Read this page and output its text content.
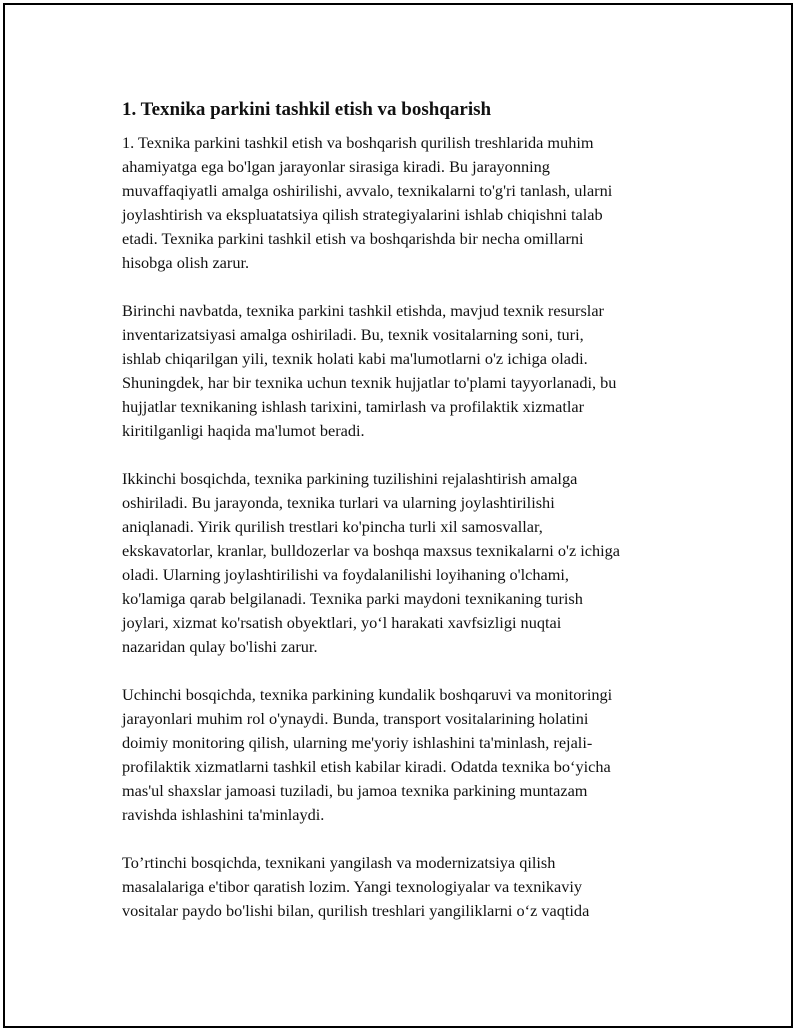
1. Texnika parkini tashkil etish va boshqarish

1. Texnika parkini tashkil etish va boshqarish qurilish treshlarida muhim
ahamiyatga ega bo'lgan jarayonlar sirasiga kiradi. Bu jarayonning
muvaffaqiyatli amalga oshirilishi, avvalo, texnikalarni to'g'ri tanlash, ularni
joylashtirish va ekspluatatsiya qilish strategiyalarini ishlab chiqishni talab
etadi. Texnika parkini tashkil etish va boshqarishda bir necha omillarni
hisobga olish zarur.

Birinchi navbatda, texnika parkini tashkil etishda, mavjud texnik resurslar
inventarizatsiyasi amalga oshiriladi. Bu, texnik vositalarning soni, turi,
ishlab chiqarilgan yili, texnik holati kabi ma'lumotlarni o'z ichiga oladi.
Shuningdek, har bir texnika uchun texnik hujjatlar to'plami tayyorlanadi, bu
hujjatlar texnikaning ishlash tarixini, tamirlash va profilaktik xizmatlar
kiritilganligi haqida ma'lumot beradi.

Ikkinchi bosqichda, texnika parkining tuzilishini rejalashtirish amalga
oshiriladi. Bu jarayonda, texnika turlari va ularning joylashtirilishi
aniqlanadi. Yirik qurilish trestlari ko'pincha turli xil samosvallar,
ekskavatorlar, kranlar, bulldozerlar va boshqa maxsus texnikalarni o'z ichiga
oladi. Ularning joylashtirilishi va foydalanilishi loyihaning o'lchami,
ko'lamiga qarab belgilanadi. Texnika parki maydoni texnikaning turish
joylari, xizmat ko'rsatish obyektlari, yo‘l harakati xavfsizligi nuqtai
nazaridan qulay bo'lishi zarur.

Uchinchi bosqichda, texnika parkining kundalik boshqaruvi va monitoringi
jarayonlari muhim rol o'ynaydi. Bunda, transport vositalarining holatini
doimiy monitoring qilish, ularning me'yoriy ishlashini ta'minlash, rejali-
profilaktik xizmatlarni tashkil etish kabilar kiradi. Odatda texnika bo‘yicha
mas'ul shaxslar jamoasi tuziladi, bu jamoa texnika parkining muntazam
ravishda ishlashini ta'minlaydi.

To’rtinchi bosqichda, texnikani yangilash va modernizatsiya qilish
masalalariga e'tibor qaratish lozim. Yangi texnologiyalar va texnikaviy
vositalar paydo bo'lishi bilan, qurilish treshlari yangiliklarni o‘z vaqtida
